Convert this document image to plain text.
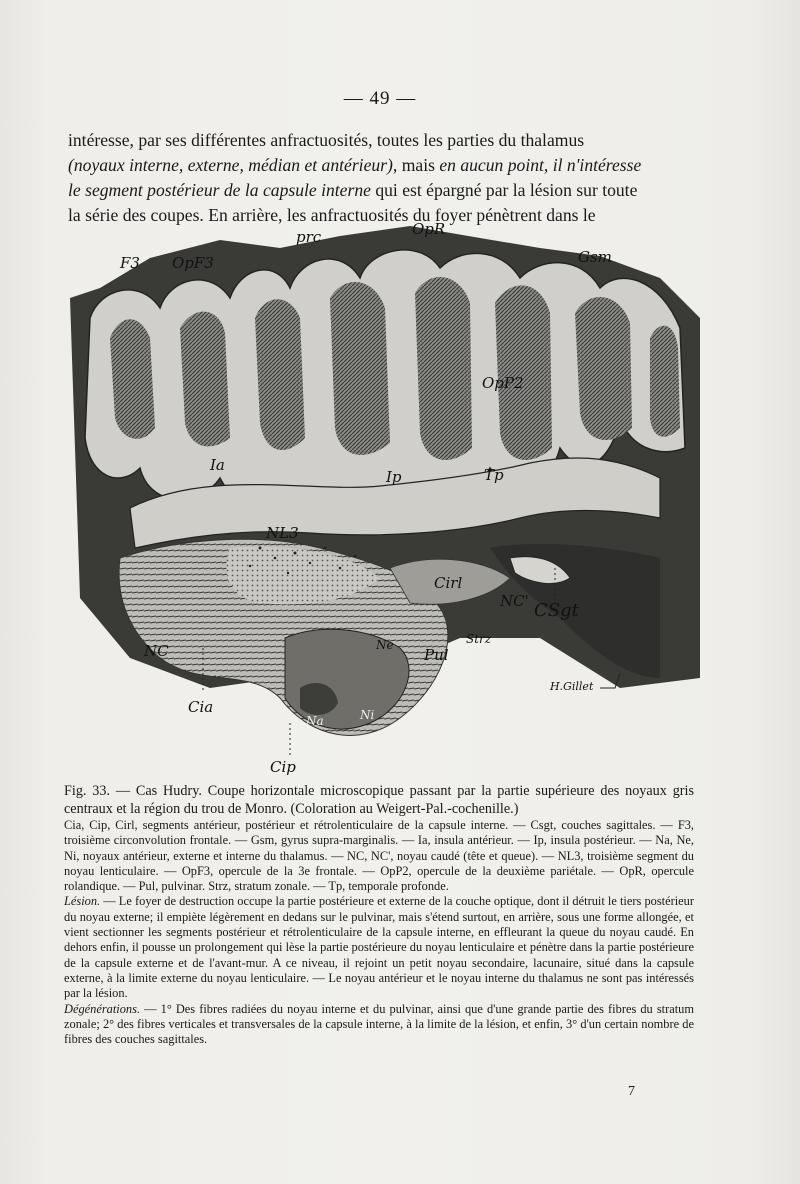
— 49 —

intéresse, par ses différentes anfractuosités, toutes les parties du thalamus

(noyaux interne, externe, médian et antérieur), mais en aucun point, il n'intéresse

le segment postérieur de la capsule interne qui est épargné par la lésion sur toute

la série des coupes. En arrière, les anfractuosités du foyer pénètrent dans le

F3 OpF3
prc	OpR
Gsm
OpP2
Ia
Ip	Tp
NL3
Cirl
NC' CSgt
Strz
NC	Ne
Pul
Na	Ni
Cia
Cip
H.Gillet
Fig. 33. — Cas Hudry. Coupe horizontale microscopique passant par la partie supérieure des noyaux gris centraux et la région du trou de Monro. (Coloration au Weigert-Pal.-cochenille.)

Cia, Cip, Cirl, segments antérieur, postérieur et rétrolenticulaire de la capsule interne. — Csgt, couches sagittales. — F3, troisième circonvolution frontale. — Gsm, gyrus supra-marginalis. — Ia, insula antérieur. — Ip, insula postérieur. — Na, Ne, Ni, noyaux antérieur, externe et interne du thalamus. — NC, NC', noyau caudé (tête et queue). — NL3, troisième segment du noyau lenticulaire. — OpF3, opercule de la 3e frontale. — OpP2, opercule de la deuxième pariétale. — OpR, opercule rolandique. — Pul, pulvinar. Strz, stratum zonale. — Tp, temporale profonde.

Lésion. — Le foyer de destruction occupe la partie postérieure et externe de la couche optique, dont il détruit le tiers postérieur du noyau externe; il empiète légèrement en dedans sur le pulvinar, mais s'étend surtout, en arrière, sous une forme allongée, et vient sectionner les segments postérieur et rétrolenticulaire de la capsule interne, en effleurant la queue du noyau caudé. En dehors enfin, il pousse un prolongement qui lèse la partie postérieure du noyau lenticulaire et pénètre dans la partie postérieure de la capsule externe et de l'avant-mur. A ce niveau, il rejoint un petit noyau secondaire, lacunaire, situé dans la capsule externe, à la limite externe du noyau lenticulaire. — Le noyau antérieur et le noyau interne du thalamus ne sont pas intéressés par la lésion.

Dégénérations. — 1° Des fibres radiées du noyau interne et du pulvinar, ainsi que d'une grande partie des fibres du stratum zonale; 2° des fibres verticales et transversales de la capsule interne, à la limite de la lésion, et enfin, 3° d'un certain nombre de fibres des couches sagittales.

7
